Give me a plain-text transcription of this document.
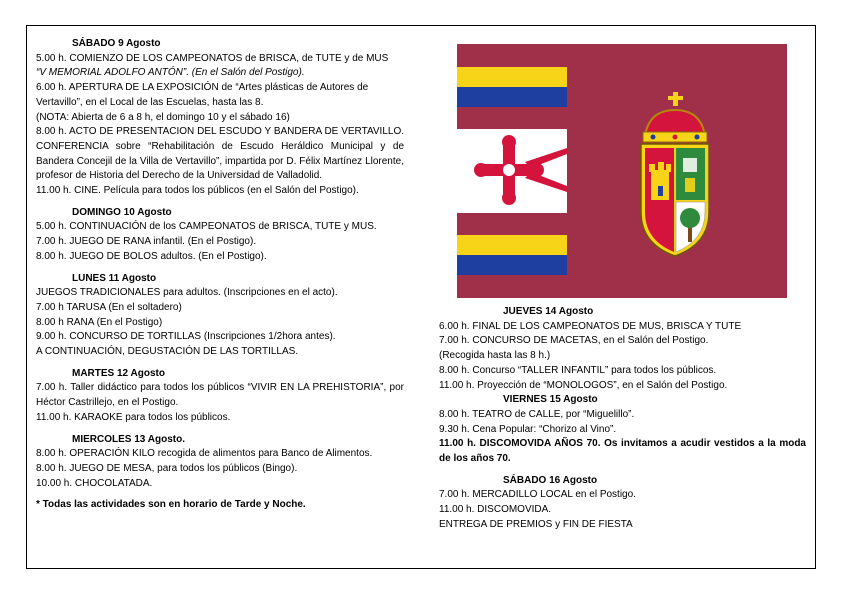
SÁBADO 9 Agosto

5.00 h. COMIENZO DE LOS CAMPEONATOS de BRISCA, de TUTE y de MUS

“V MEMORIAL ADOLFO ANTÓN”. (En el Salón del Postigo).

6.00 h. APERTURA DE LA EXPOSICIÓN de “Artes plásticas de Autores de Vertavillo”, en el Local de las Escuelas, hasta las 8.

(NOTA: Abierta de 6 a 8 h, el domingo 10 y el sábado 16)

8.00 h. ACTO DE PRESENTACION DEL ESCUDO Y BANDERA DE VERTAVILLO. CONFERENCIA sobre “Rehabilitación de Escudo Heráldico Municipal y de Bandera Concejil de la Villa de Vertavillo”, impartida por D. Félix Martínez Llorente, profesor de Historia del Derecho de la Universidad de Valladolid.

11.00 h. CINE. Película para todos los públicos (en el Salón del Postigo).

DOMINGO 10 Agosto

5.00 h. CONTINUACIÓN de los CAMPEONATOS de BRISCA, TUTE y MUS.

7.00 h. JUEGO DE RANA infantil. (En el Postigo).

8.00 h. JUEGO DE BOLOS adultos. (En el Postigo).

LUNES 11 Agosto

JUEGOS TRADICIONALES para adultos. (Inscripciones en el acto).

7.00 h TARUSA (En el soltadero)

8.00 h RANA (En el Postigo)

9.00 h. CONCURSO DE TORTILLAS (Inscripciones 1/2hora antes).

A CONTINUACIÓN, DEGUSTACIÓN DE LAS TORTILLAS.

MARTES 12 Agosto

7.00 h. Taller didáctico para todos los públicos “VIVIR EN LA PREHISTORIA”, por Héctor Castrillejo, en el Postigo.

11.00 h. KARAOKE para todos los públicos.

MIERCOLES 13 Agosto.

8.00 h. OPERACIÓN KILO recogida de alimentos para Banco de Alimentos.

8.00 h. JUEGO DE MESA, para todos los públicos (Bingo).

10.00 h. CHOCOLATADA.

* Todas las actividades son en horario de Tarde y Noche.

JUEVES 14 Agosto

6.00 h. FINAL DE LOS CAMPEONATOS DE MUS, BRISCA Y TUTE

7.00 h. CONCURSO DE MACETAS, en el Salón del Postigo.

(Recogida hasta las 8 h.)

8.00 h. Concurso “TALLER INFANTIL” para todos los públicos.

11.00 h. Proyección de “MONOLOGOS”, en el Salón del Postigo.

VIERNES 15 Agosto

8.00 h. TEATRO de CALLE, por “Miguelillo”.

9.30 h. Cena Popular: “Chorizo al Vino”.

11.00 h. DISCOMOVIDA AÑOS 70. Os invitamos a acudir vestidos a la moda de los años 70.

SÁBADO 16 Agosto

7.00 h. MERCADILLO LOCAL en el Postigo.

11.00 h. DISCOMOVIDA.

ENTREGA DE PREMIOS y FIN DE FIESTA
